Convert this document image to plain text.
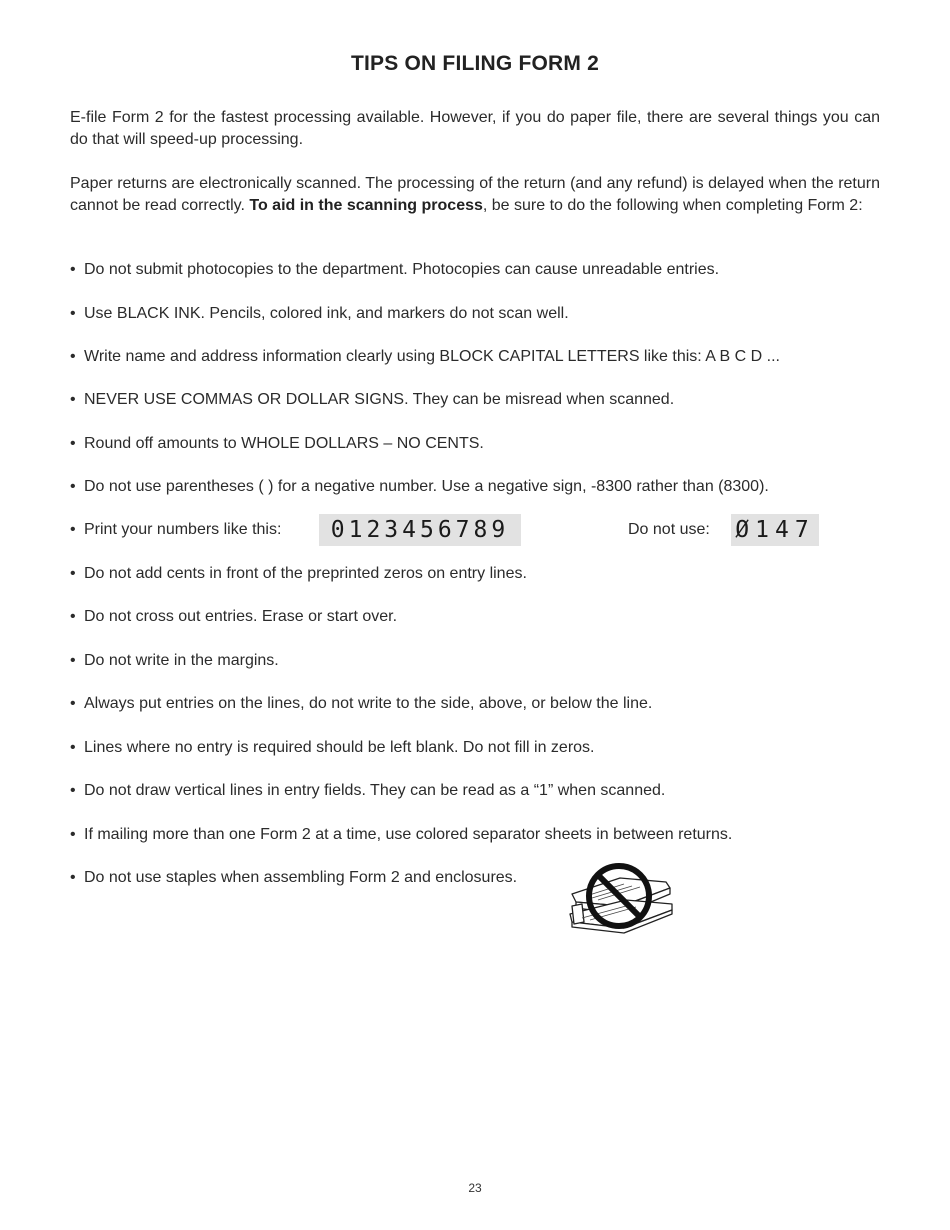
TIPS ON FILING FORM 2

E-file Form 2 for the fastest processing available. However, if you do paper file, there are several things you can do that will speed-up processing.

Paper returns are electronically scanned. The processing of the return (and any refund) is delayed when the return cannot be read correctly. To aid in the scanning process, be sure to do the following when completing Form 2:

• Do not submit photocopies to the department. Photocopies can cause unreadable entries.
• Use BLACK INK. Pencils, colored ink, and markers do not scan well.
• Write name and address information clearly using BLOCK CAPITAL LETTERS like this: A B C D ...
• NEVER USE COMMAS OR DOLLAR SIGNS. They can be misread when scanned.
• Round off amounts to WHOLE DOLLARS – NO CENTS.
• Do not use parentheses ( ) for a negative number. Use a negative sign, -8300 rather than (8300).
• Print your numbers like this:	0123456789	Do not use: Ø147
• Do not add cents in front of the preprinted zeros on entry lines.
• Do not cross out entries. Erase or start over.
• Do not write in the margins.
• Always put entries on the lines, do not write to the side, above, or below the line.
• Lines where no entry is required should be left blank. Do not fill in zeros.
• Do not draw vertical lines in entry fields. They can be read as a “1” when scanned.
• If mailing more than one Form 2 at a time, use colored separator sheets in between returns.
• Do not use staples when assembling Form 2 and enclosures.
23
